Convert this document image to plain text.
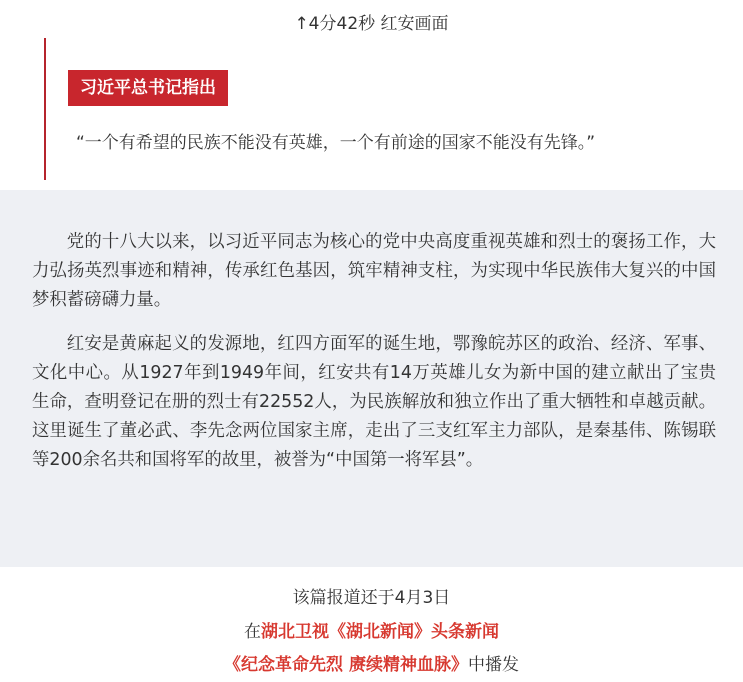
↑4分42秒 红安画面
习近平总书记指出
“一个有希望的民族不能没有英雄，一个有前途的国家不能没有先锋。”

党的十八大以来，以习近平同志为核心的党中央高度重视英雄和烈士的褒扬工作，大力弘扬英烈事迹和精神，传承红色基因，筑牢精神支柱，为实现中华民族伟大复兴的中国梦积蓄磅礴力量。

红安是黄麻起义的发源地，红四方面军的诞生地，鄂豫皖苏区的政治、经济、军事、文化中心。从1927年到1949年间，红安共有14万英雄儿女为新中国的建立献出了宝贵生命，查明登记在册的烈士有22552人，为民族解放和独立作出了重大牺牲和卓越贡献。这里诞生了董必武、李先念两位国家主席，走出了三支红军主力部队，是秦基伟、陈锡联等200余名共和国将军的故里，被誉为“中国第一将军县”。

该篇报道还于4月3日
在湖北卫视《湖北新闻》头条新闻
《纪念革命先烈 赓续精神血脉》中播发
